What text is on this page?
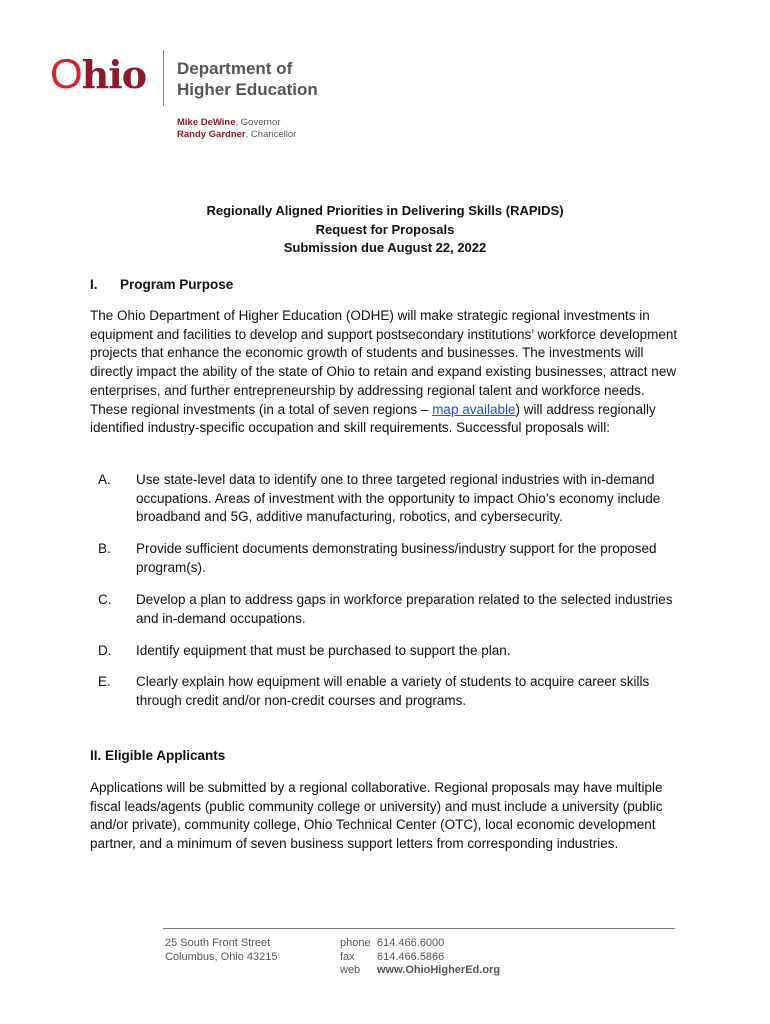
Ohio Department of
Higher Education
Mike DeWine, Governor
Randy Gardner, Chancellor
Regionally Aligned Priorities in Delivering Skills (RAPIDS)
Request for Proposals
Submission due August 22, 2022
I. Program Purpose
The Ohio Department of Higher Education (ODHE) will make strategic regional investments in equipment and facilities to develop and support postsecondary institutions’ workforce development projects that enhance the economic growth of students and businesses. The investments will directly impact the ability of the state of Ohio to retain and expand existing businesses, attract new enterprises, and further entrepreneurship by addressing regional talent and workforce needs. These regional investments (in a total of seven regions – map available) will address regionally identified industry-specific occupation and skill requirements. Successful proposals will:
A.	Use state-level data to identify one to three targeted regional industries with in-demand occupations. Areas of investment with the opportunity to impact Ohio’s economy include broadband and 5G, additive manufacturing, robotics, and cybersecurity.
B.	Provide sufficient documents demonstrating business/industry support for the proposed program(s).
C.	Develop a plan to address gaps in workforce preparation related to the selected industries and in-demand occupations.
D.	Identify equipment that must be purchased to support the plan.
E.	Clearly explain how equipment will enable a variety of students to acquire career skills through credit and/or non-credit courses and programs.
II. Eligible Applicants
Applications will be submitted by a regional collaborative. Regional proposals may have multiple fiscal leads/agents (public community college or university) and must include a university (public and/or private), community college, Ohio Technical Center (OTC), local economic development partner, and a minimum of seven business support letters from corresponding industries.
25 South Front Street
Columbus, Ohio 43215
phone 614.466.6000
fax 614.466.5866
web www.OhioHigherEd.org
